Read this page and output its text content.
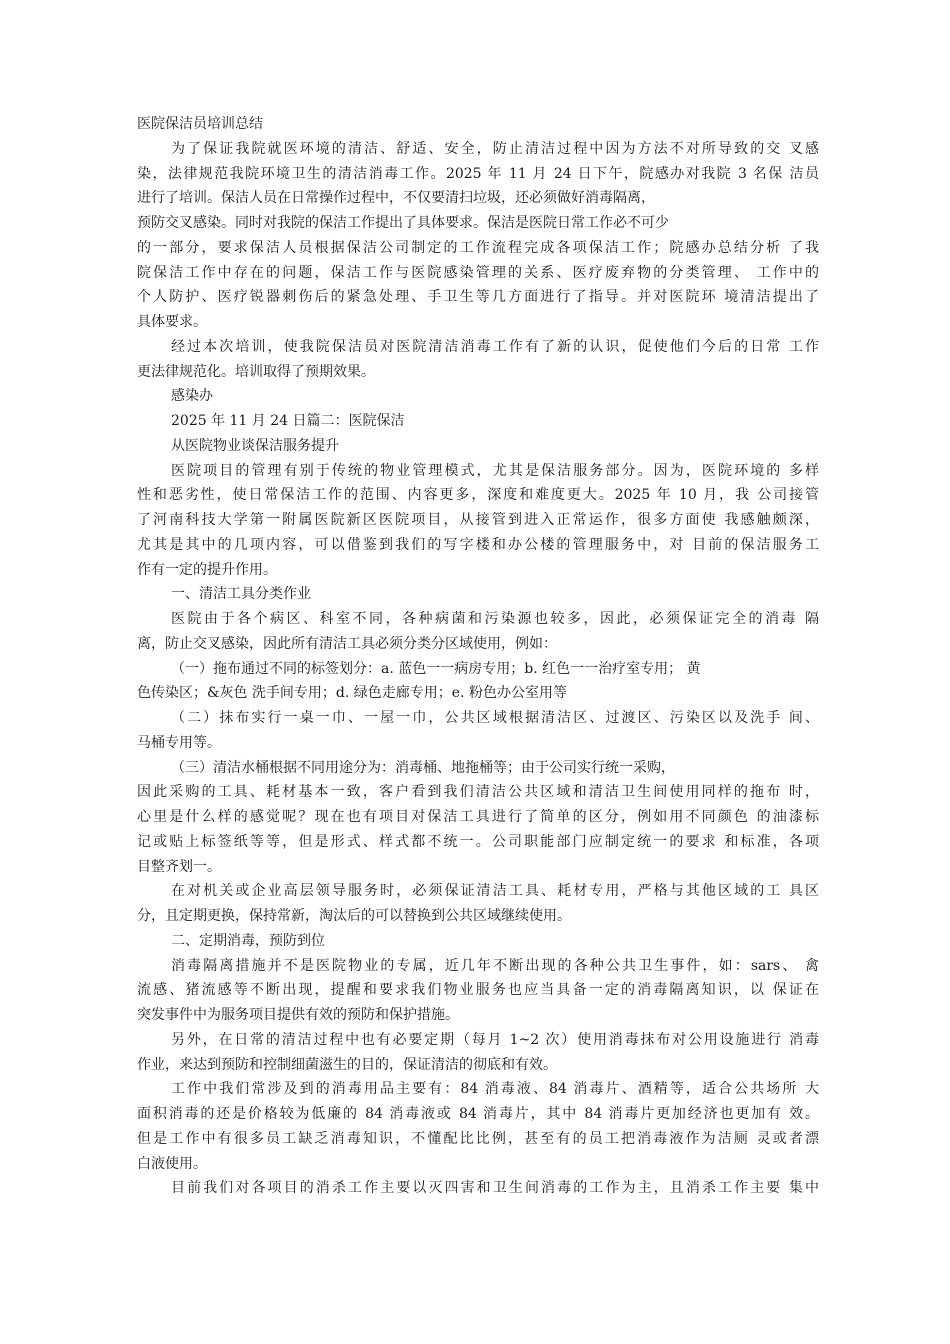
医院保洁员培训总结
为了保证我院就医环境的清洁、舒适、安全，防止清洁过程中因为方法不对所导致的交 叉感
染，法律规范我院环境卫生的清洁消毒工作。2025 年 11 月 24 日下午，院感办对我院 3 名保 洁员
进行了培训。保洁人员在日常操作过程中，不仅要清扫垃圾，还必须做好消毒隔离，
预防交叉感染。同时对我院的保洁工作提出了具体要求。保洁是医院日常工作必不可少
的一部分，要求保洁人员根据保洁公司制定的工作流程完成各项保洁工作；院感办总结分析 了我
院保洁工作中存在的问题，保洁工作与医院感染管理的关系、医疗废弃物的分类管理、 工作中的
个人防护、医疗锐器刺伤后的紧急处理、手卫生等几方面进行了指导。并对医院环 境清洁提出了
具体要求。
经过本次培训，使我院保洁员对医院清洁消毒工作有了新的认识，促使他们今后的日常 工作
更法律规范化。培训取得了预期效果。
感染办
2025 年 11 月 24 日篇二：医院保洁
从医院物业谈保洁服务提升
医院项目的管理有别于传统的物业管理模式，尤其是保洁服务部分。因为，医院环境的 多样
性和恶劣性，使日常保洁工作的范围、内容更多，深度和难度更大。2025 年 10 月，我 公司接管
了河南科技大学第一附属医院新区医院项目，从接管到进入正常运作，很多方面使 我感触颇深，
尤其是其中的几项内容，可以借鉴到我们的写字楼和办公楼的管理服务中，对 目前的保洁服务工
作有一定的提升作用。
一、清洁工具分类作业
医院由于各个病区、科室不同，各种病菌和污染源也较多，因此，必须保证完全的消毒 隔
离，防止交叉感染，因此所有清洁工具必须分类分区域使用，例如：
（一）拖布通过不同的标签划分：a. 蓝色一一病房专用；b. 红色一一治疗室专用； 黄
色传染区；&灰色 洗手间专用；d. 绿色走廊专用；e. 粉色办公室用等
（二）抹布实行一桌一巾、一屋一巾，公共区域根据清洁区、过渡区、污染区以及洗手 间、
马桶专用等。
（三）清洁水桶根据不同用途分为：消毒桶、地拖桶等；由于公司实行统一采购，
因此采购的工具、耗材基本一致，客户看到我们清洁公共区域和清洁卫生间使用同样的拖布 时，
心里是什么样的感觉呢？现在也有项目对保洁工具进行了简单的区分，例如用不同颜色 的油漆标
记或贴上标签纸等等，但是形式、样式都不统一。公司职能部门应制定统一的要求 和标准，各项
目整齐划一。
在对机关或企业高层领导服务时，必须保证清洁工具、耗材专用，严格与其他区域的工 具区
分，且定期更换，保持常新，淘汰后的可以替换到公共区域继续使用。
二、定期消毒，预防到位
消毒隔离措施并不是医院物业的专属，近几年不断出现的各种公共卫生事件，如：sars、 禽
流感、猪流感等不断出现，提醒和要求我们物业服务也应当具备一定的消毒隔离知识，以 保证在
突发事件中为服务项目提供有效的预防和保护措施。
另外，在日常的清洁过程中也有必要定期（每月 1~2 次）使用消毒抹布对公用设施进行 消毒
作业，来达到预防和控制细菌滋生的目的，保证清洁的彻底和有效。
工作中我们常涉及到的消毒用品主要有：84 消毒液、84 消毒片、酒精等，适合公共场所 大
面积消毒的还是价格较为低廉的 84 消毒液或 84 消毒片，其中 84 消毒片更加经济也更加有 效。
但是工作中有很多员工缺乏消毒知识，不懂配比比例，甚至有的员工把消毒液作为洁厕 灵或者漂
白液使用。
目前我们对各项目的消杀工作主要以灭四害和卫生间消毒的工作为主，且消杀工作主要 集中
